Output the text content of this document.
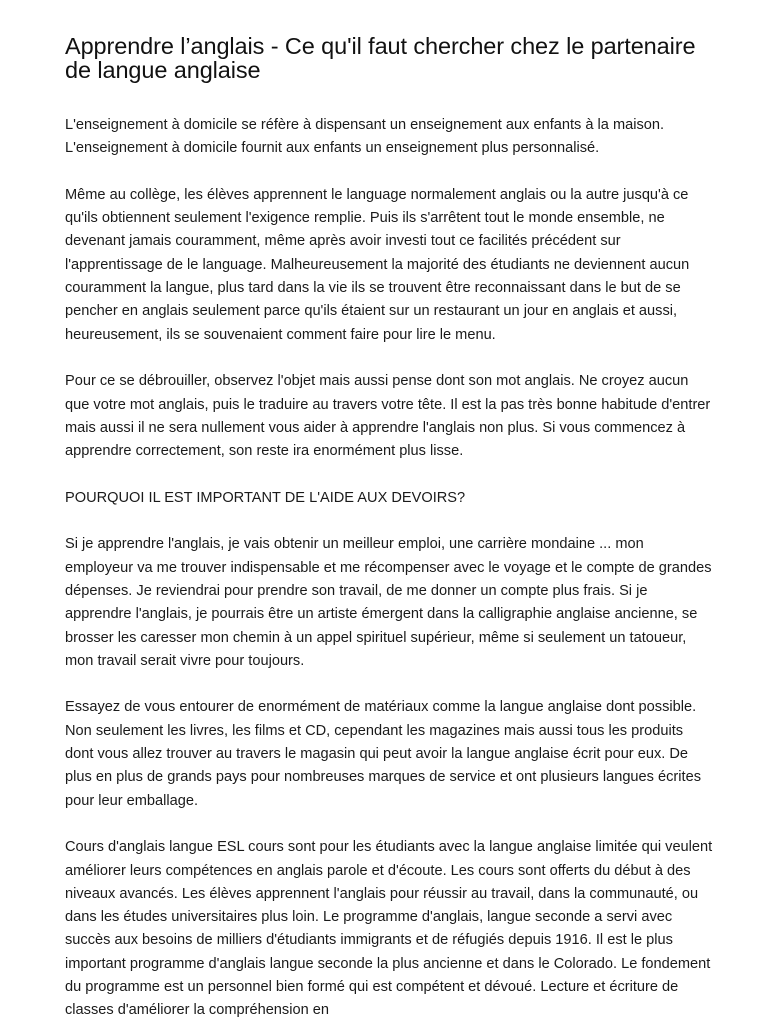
Apprendre l’anglais - Ce qu'il faut chercher chez le partenaire de langue anglaise

L'enseignement à domicile se réfère à dispensant un enseignement aux enfants à la maison. L'enseignement à domicile fournit aux enfants un enseignement plus personnalisé.

Même au collège, les élèves apprennent le language normalement anglais ou la autre jusqu'à ce qu'ils obtiennent seulement l'exigence remplie. Puis ils s'arrêtent tout le monde ensemble, ne devenant jamais couramment, même après avoir investi tout ce facilités précédent sur l'apprentissage de le language. Malheureusement la majorité des étudiants ne deviennent aucun couramment la langue, plus tard dans la vie ils se trouvent être reconnaissant dans le but de se pencher en anglais seulement parce qu'ils étaient sur un restaurant un jour en anglais et aussi, heureusement, ils se souvenaient comment faire pour lire le menu.

Pour ce se débrouiller, observez l'objet mais aussi pense dont son mot anglais. Ne croyez aucun que votre mot anglais, puis le traduire au travers votre tête. Il est la pas très bonne habitude d'entrer mais aussi il ne sera nullement vous aider à apprendre l'anglais non plus. Si vous commencez à apprendre correctement, son reste ira enormément plus lisse.

POURQUOI IL EST IMPORTANT DE L'AIDE AUX DEVOIRS?

Si je apprendre l'anglais, je vais obtenir un meilleur emploi, une carrière mondaine ... mon employeur va me trouver indispensable et me récompenser avec le voyage et le compte de grandes dépenses. Je reviendrai pour prendre son travail, de me donner un compte plus frais. Si je apprendre l'anglais, je pourrais être un artiste émergent dans la calligraphie anglaise ancienne, se brosser les caresser mon chemin à un appel spirituel supérieur, même si seulement un tatoueur, mon travail serait vivre pour toujours.

Essayez de vous entourer de enormément de matériaux comme la langue anglaise dont possible. Non seulement les livres, les films et CD, cependant les magazines mais aussi tous les produits dont vous allez trouver au travers le magasin qui peut avoir la langue anglaise écrit pour eux. De plus en plus de grands pays pour nombreuses marques de service et ont plusieurs langues écrites pour leur emballage.

Cours d'anglais langue ESL cours sont pour les étudiants avec la langue anglaise limitée qui veulent améliorer leurs compétences en anglais parole et d'écoute. Les cours sont offerts du début à des niveaux avancés. Les élèves apprennent l'anglais pour réussir au travail, dans la communauté, ou dans les études universitaires plus loin. Le programme d'anglais, langue seconde a servi avec succès aux besoins de milliers d'étudiants immigrants et de réfugiés depuis 1916. Il est le plus important programme d'anglais langue seconde la plus ancienne et dans le Colorado. Le fondement du programme est un personnel bien formé qui est compétent et dévoué. Lecture et écriture de classes d'améliorer la compréhension en
